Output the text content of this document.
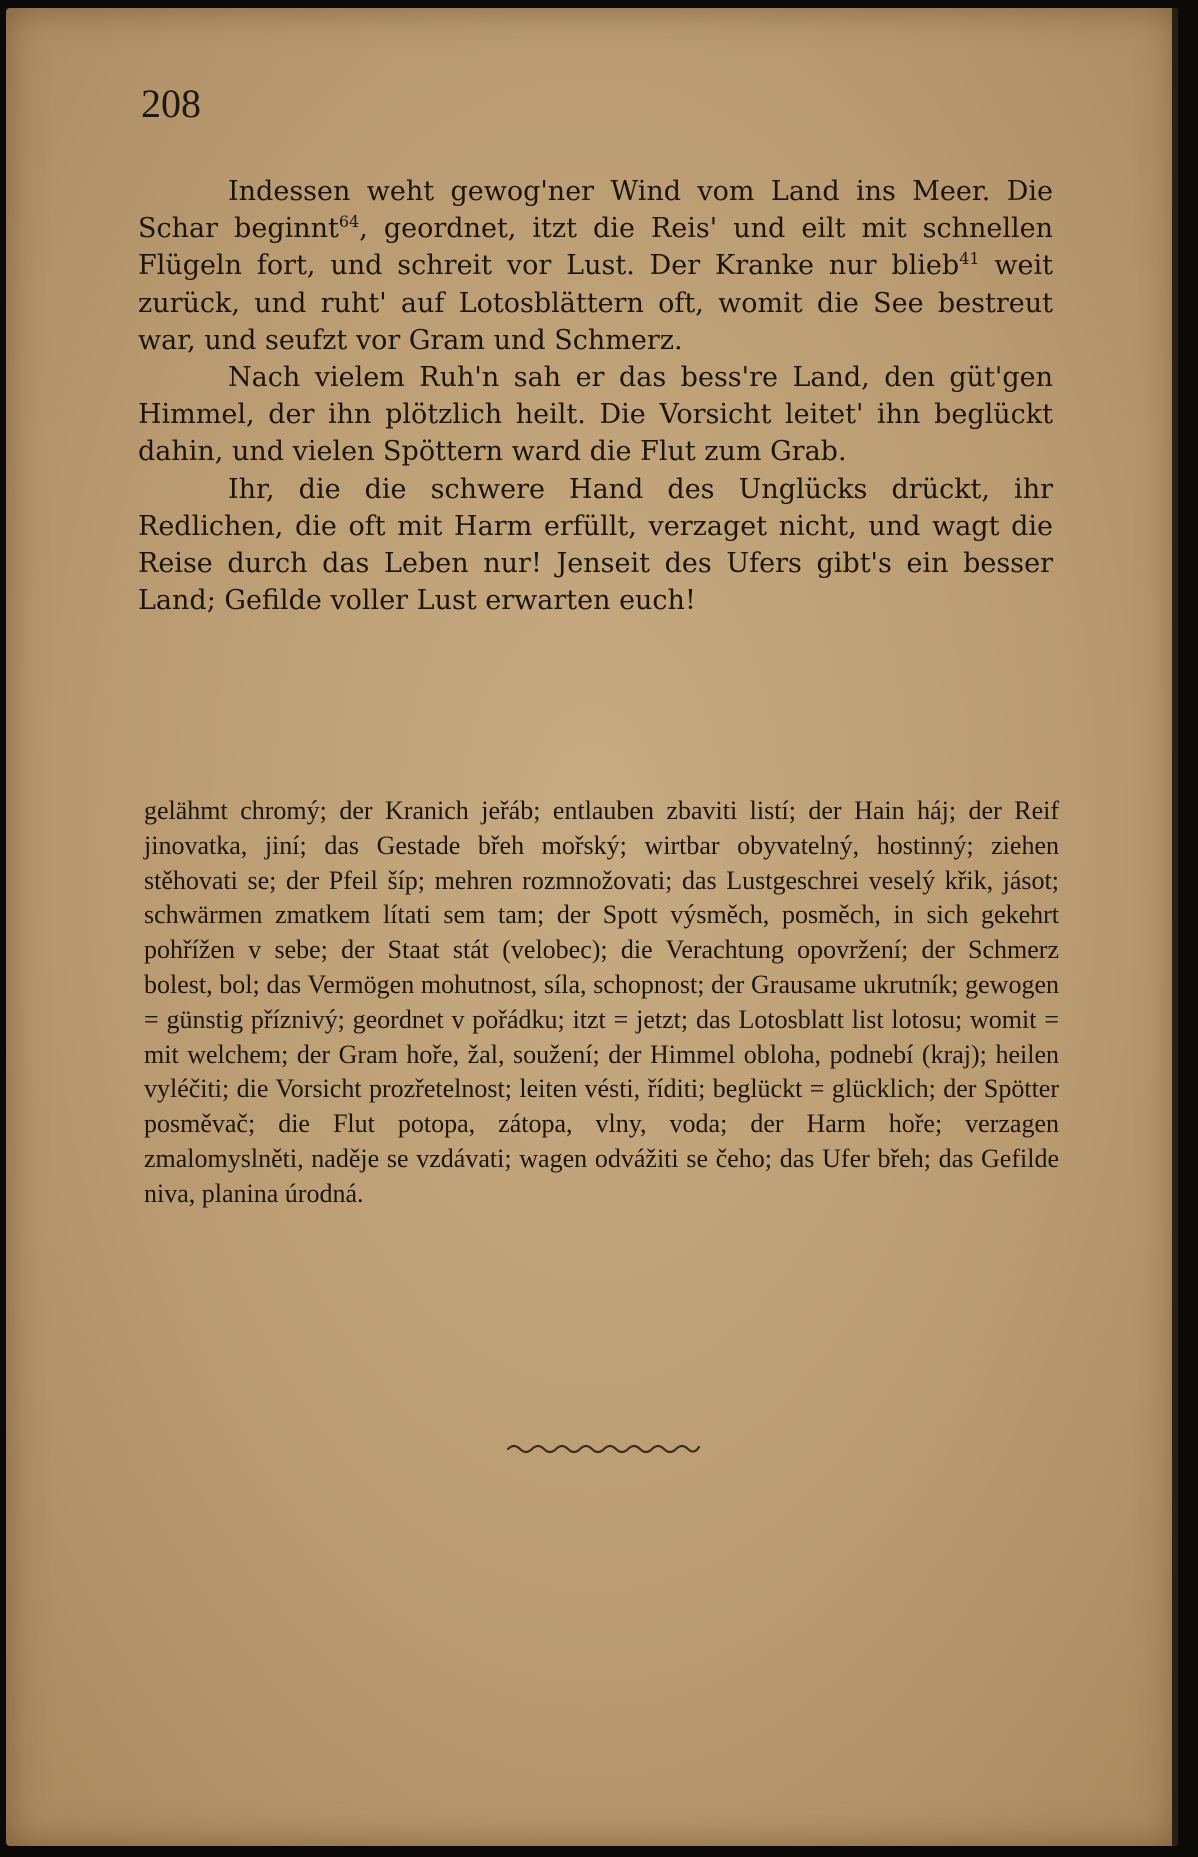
208

Indessen weht gewog'ner Wind vom Land ins Meer. Die Schar beginnt$^{64}$, geordnet, itzt die Reis' und eilt mit schnellen Flügeln fort, und schreit vor Lust. Der Kranke nur blieb$^{41}$ weit zurück, und ruht' auf Lotosblättern oft, womit die See bestreut war, und seufzt vor Gram und Schmerz.

Nach vielem Ruh'n sah er das bess're Land, den güt'gen Himmel, der ihn plötzlich heilt. Die Vorsicht leitet' ihn beglückt dahin, und vielen Spöttern ward die Flut zum Grab.

Ihr, die die schwere Hand des Unglücks drückt, ihr Redlichen, die oft mit Harm erfüllt, verzaget nicht, und wagt die Reise durch das Leben nur! Jenseit des Ufers gibt's ein besser Land; Gefilde voller Lust erwarten euch!

gelähmt chromý; der Kranich jeřáb; entlauben zbaviti listí; der Hain háj; der Reif jinovatka, jiní; das Gestade břeh mořský; wirtbar obyvatelný, hostinný; ziehen stěhovati se; der Pfeil šíp; mehren rozmnožovati; das Lustgeschrei veselý křik, jásot; schwärmen zmatkem lítati sem tam; der Spott výsměch, posměch, in sich gekehrt pohřížen v sebe; der Staat stát (velobec); die Verachtung opovržení; der Schmerz bolest, bol; das Vermögen mohutnost, síla, schopnost; der Grausame ukrutník; gewogen = günstig příznivý; geordnet v pořádku; itzt = jetzt; das Lotosblatt list lotosu; womit = mit welchem; der Gram hoře, žal, soužení; der Himmel obloha, podnebí (kraj); heilen vyléčiti; die Vorsicht prozřetelnost; leiten vésti, říditi; beglückt = glücklich; der Spötter posměvač; die Flut potopa, zátopa, vlny, voda; der Harm hoře; verzagen zmalomyslněti, naděje se vzdávati; wagen odvážiti se čeho; das Ufer břeh; das Gefilde niva, planina úrodná.
